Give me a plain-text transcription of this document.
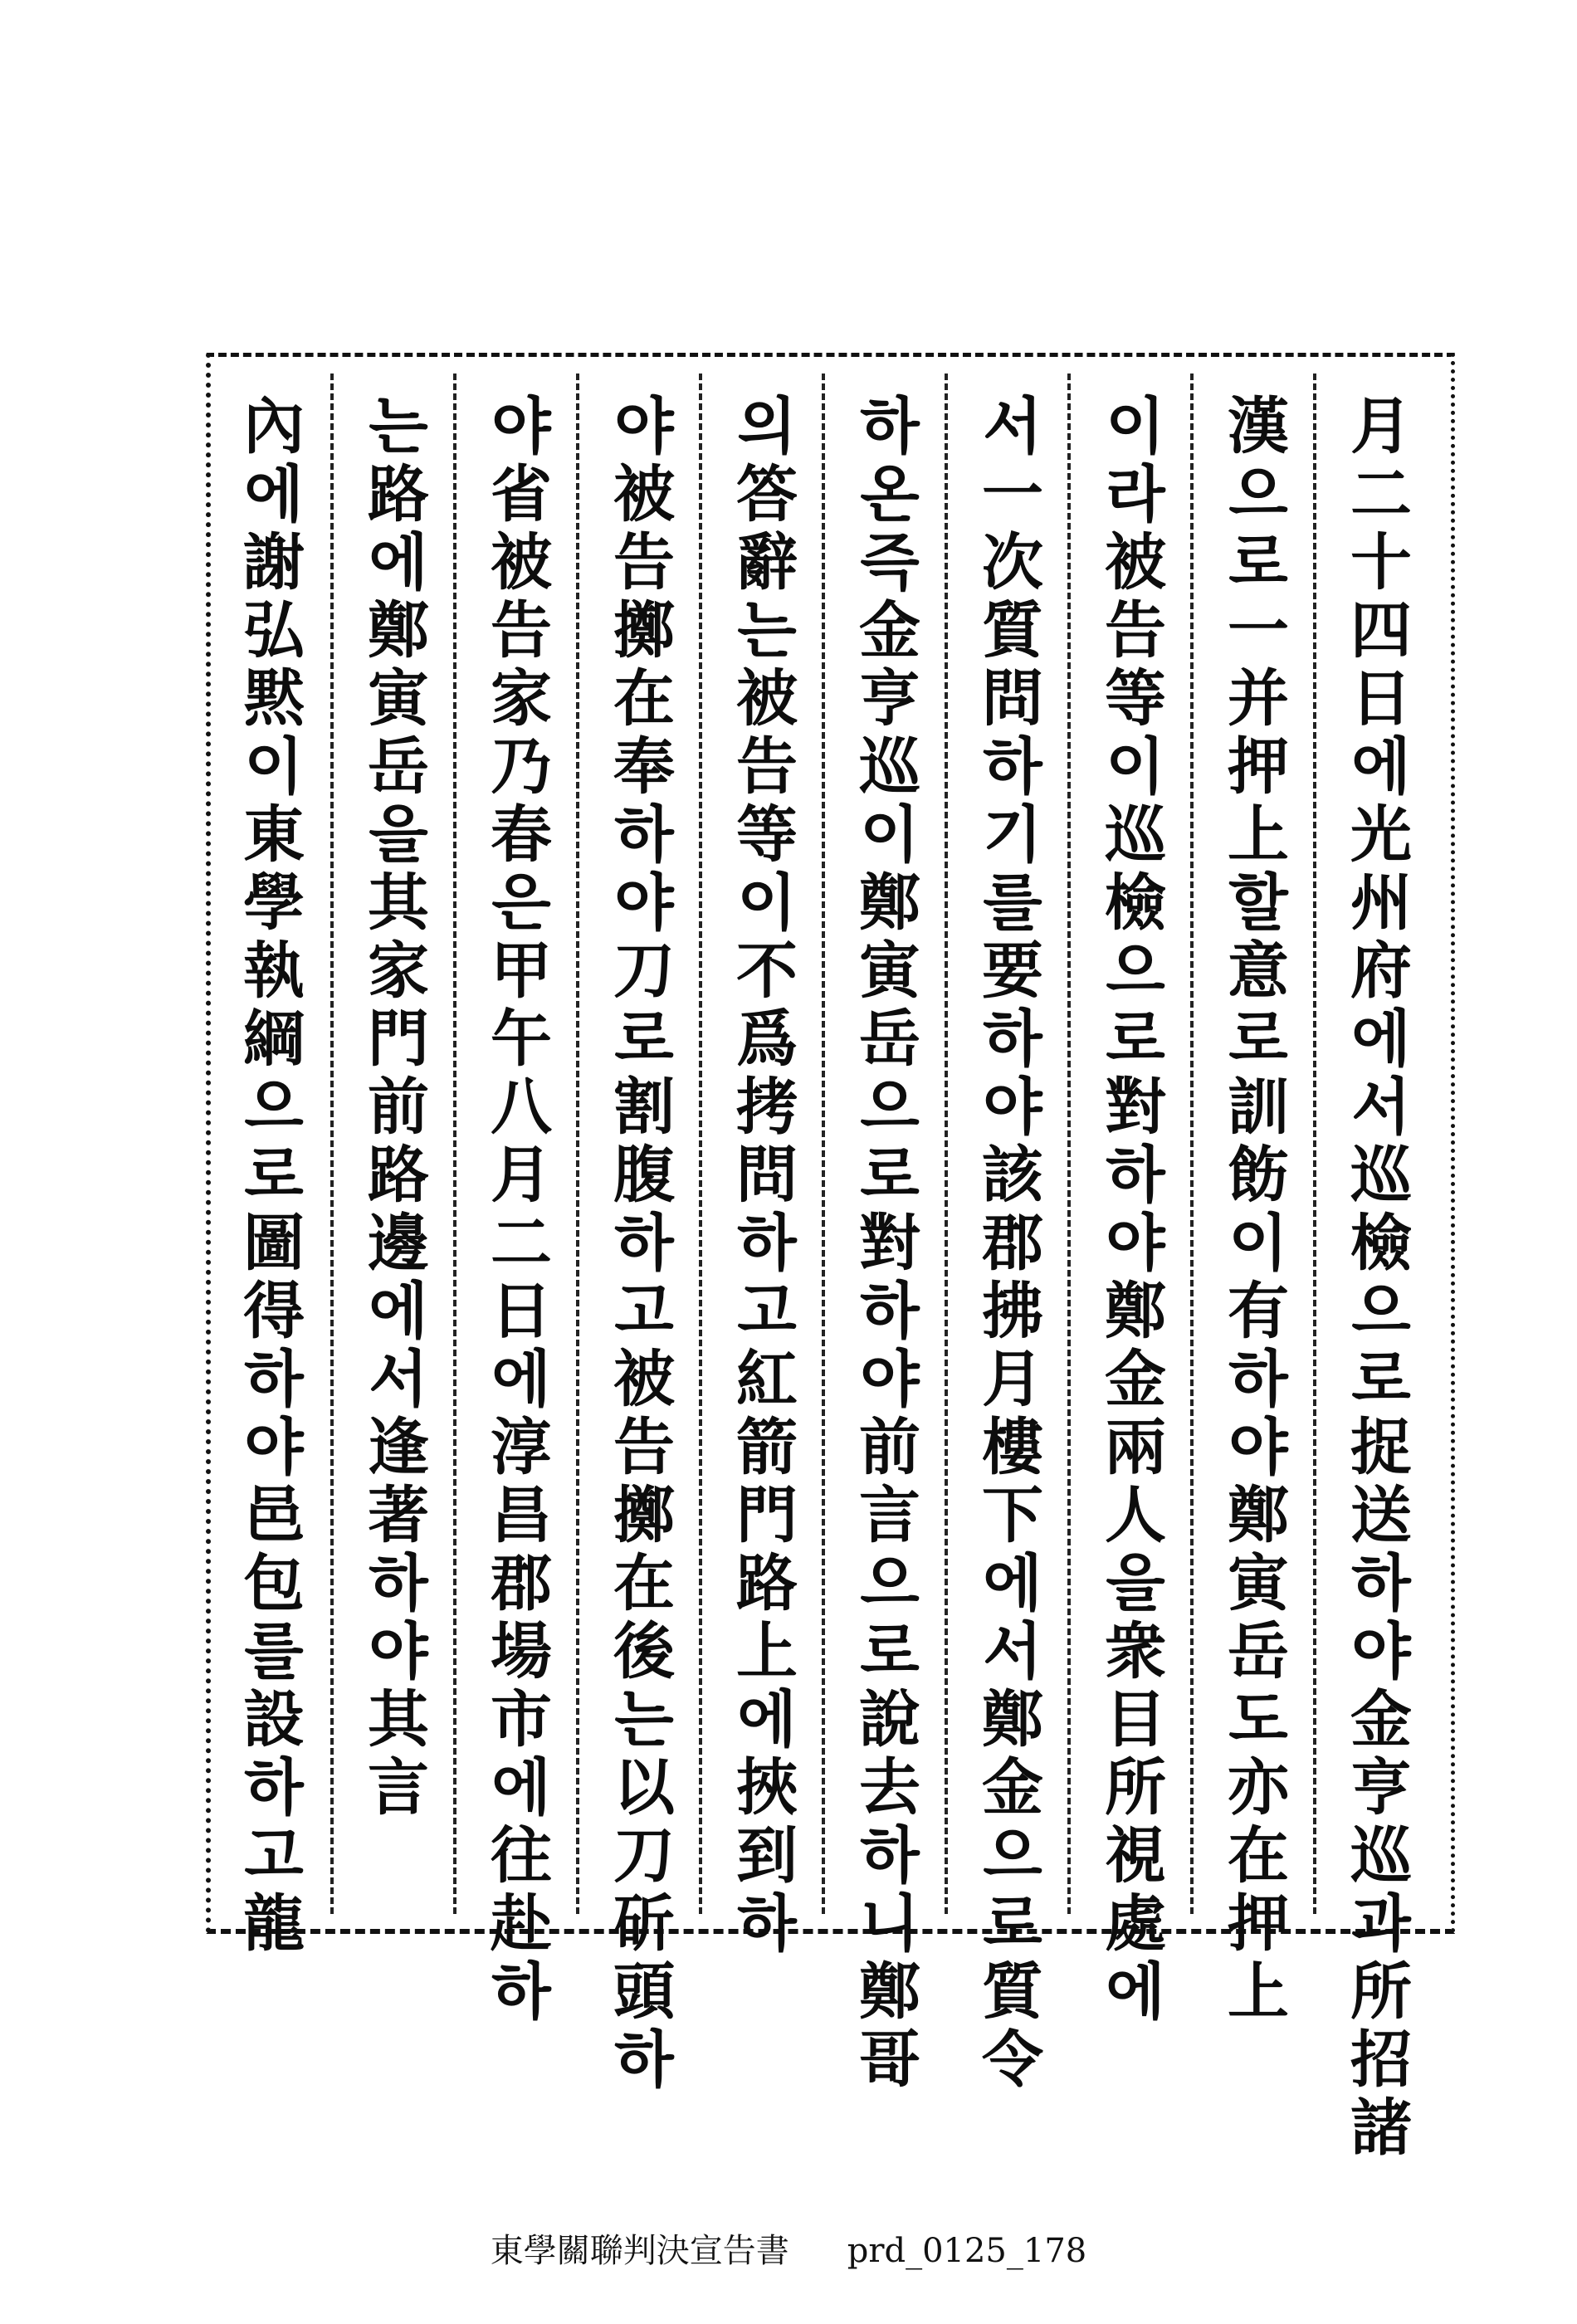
月二十四日에光州府에서巡檢으로捉送하야金亨巡과所招諸
漢으로一并押上할意로訓飭이有하야鄭寅岳도亦在押上
이라被告等이巡檢으로對하야鄭金兩人을衆目所視處에
서一次質問하기를要하야該郡拂月樓下에서鄭金으로質令
하온즉金亨巡이鄭寅岳으로對하야前言으로說去하니鄭哥
의答辭는被告等이不爲拷問하고紅箭門路上에挾到하
야被告擲在奉하야刀로割腹하고被告擲在後는以刀斫頭하
야省被告家乃春은甲午八月二日에淳昌郡場市에往赴하
는路에鄭寅岳을其家門前路邊에서逢著하야其言
內에謝弘黙이東學執綱으로圖得하야邑包를設하고龍
東學關聯判決宣告書 prd_0125_178
